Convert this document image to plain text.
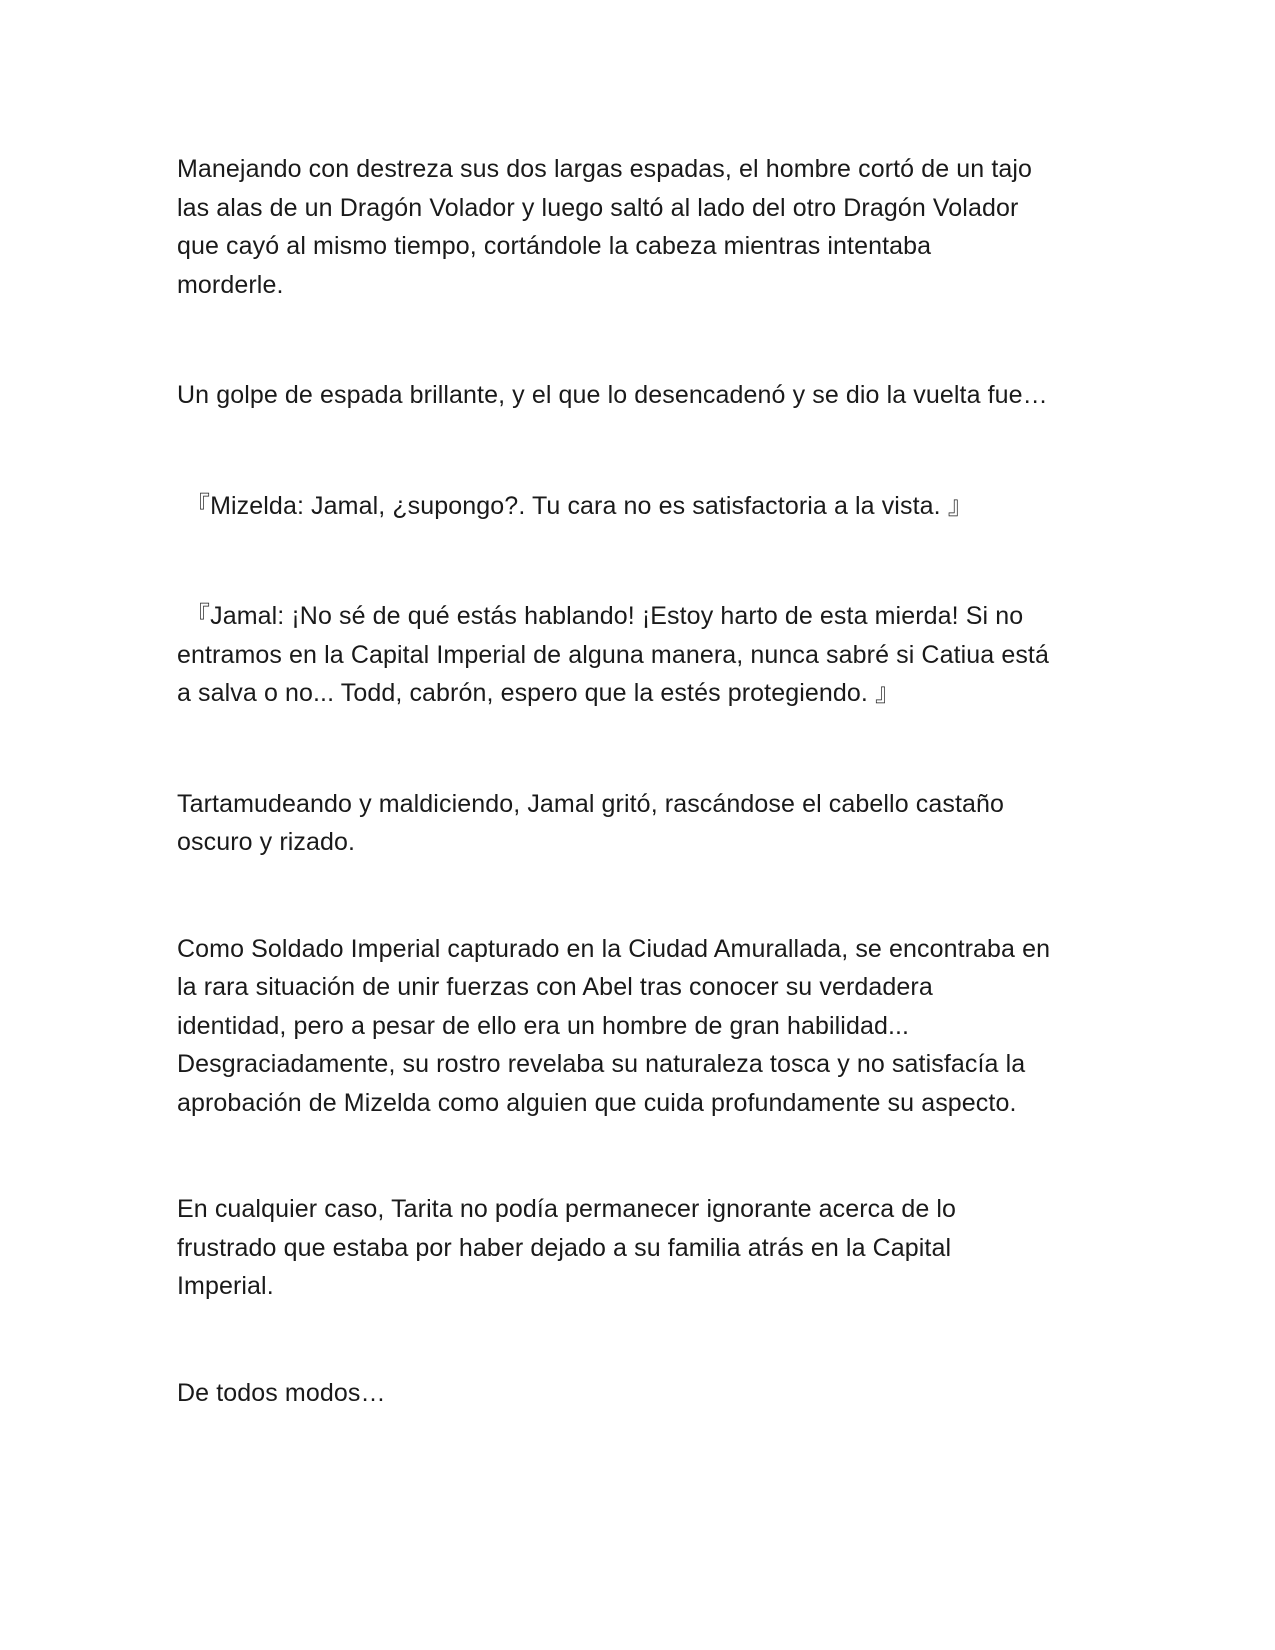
Manejando con destreza sus dos largas espadas, el hombre cortó de un tajo
las alas de un Dragón Volador y luego saltó al lado del otro Dragón Volador
que cayó al mismo tiempo, cortándole la cabeza mientras intentaba
morderle.

Un golpe de espada brillante, y el que lo desencadenó y se dio la vuelta fue…

『Mizelda: Jamal, ¿supongo?. Tu cara no es satisfactoria a la vista. 』

『Jamal: ¡No sé de qué estás hablando! ¡Estoy harto de esta mierda! Si no
entramos en la Capital Imperial de alguna manera, nunca sabré si Catiua está
a salva o no... Todd, cabrón, espero que la estés protegiendo. 』

Tartamudeando y maldiciendo, Jamal gritó, rascándose el cabello castaño
oscuro y rizado.

Como Soldado Imperial capturado en la Ciudad Amurallada, se encontraba en
la rara situación de unir fuerzas con Abel tras conocer su verdadera
identidad, pero a pesar de ello era un hombre de gran habilidad...
Desgraciadamente, su rostro revelaba su naturaleza tosca y no satisfacía la
aprobación de Mizelda como alguien que cuida profundamente su aspecto.

En cualquier caso, Tarita no podía permanecer ignorante acerca de lo
frustrado que estaba por haber dejado a su familia atrás en la Capital
Imperial.

De todos modos…
